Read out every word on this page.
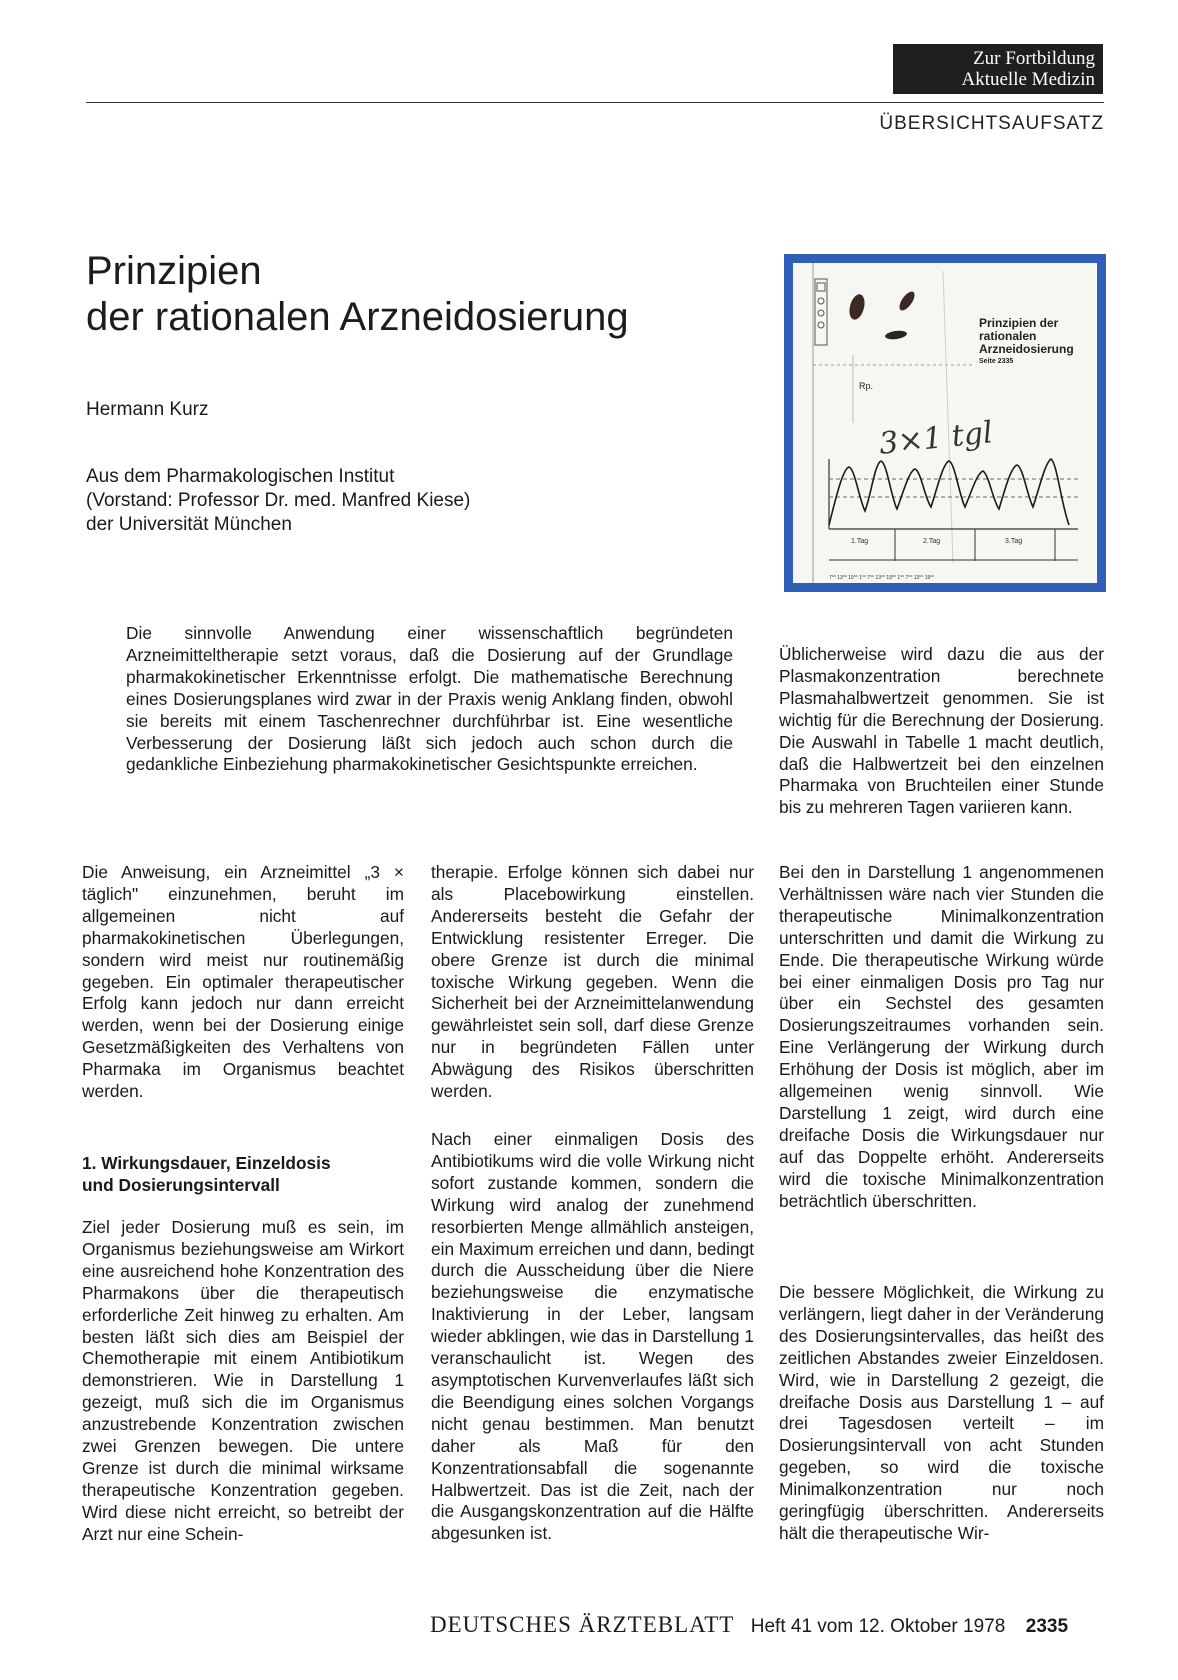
Zur Fortbildung
Aktuelle Medizin
ÜBERSICHTSAUFSATZ
Prinzipien
der rationalen Arzneidosierung
Hermann Kurz
Aus dem Pharmakologischen Institut
(Vorstand: Professor Dr. med. Manfred Kiese)
der Universität München
Prinzipien der
rationalen
Arzneidosierung
Seite 2335
Rp.
3×1 tgl
1.Tag	2.Tag	3.Tag
7⁰⁰ 13⁰⁰ 19⁰⁰ 1⁰⁰ 7⁰⁰ 13⁰⁰ 19⁰⁰ 1⁰⁰ 7⁰⁰ 13⁰⁰ 19⁰⁰

Die sinnvolle Anwendung einer wissenschaftlich begründeten Arzneimitteltherapie setzt voraus, daß die Dosierung auf der Grundlage pharmakokinetischer Erkenntnisse erfolgt. Die mathematische Berechnung eines Dosierungsplanes wird zwar in der Praxis wenig Anklang finden, obwohl sie bereits mit einem Taschenrechner durchführbar ist. Eine wesentliche Verbesserung der Dosierung läßt sich jedoch auch schon durch die gedankliche Einbeziehung pharmakokinetischer Gesichtspunkte erreichen.

Die Anweisung, ein Arzneimittel „3 × täglich" einzunehmen, beruht im allgemeinen nicht auf pharmakokinetischen Überlegungen, sondern wird meist nur routinemäßig gegeben. Ein optimaler therapeutischer Erfolg kann jedoch nur dann erreicht werden, wenn bei der Dosierung einige Gesetzmäßigkeiten des Verhaltens von Pharmaka im Organismus beachtet werden.

1. Wirkungsdauer, Einzeldosis
und Dosierungsintervall

Ziel jeder Dosierung muß es sein, im Organismus beziehungsweise am Wirkort eine ausreichend hohe Konzentration des Pharmakons über die therapeutisch erforderliche Zeit hinweg zu erhalten. Am besten läßt sich dies am Beispiel der Chemotherapie mit einem Antibiotikum demonstrieren. Wie in Darstellung 1 gezeigt, muß sich die im Organismus anzustrebende Konzentration zwischen zwei Grenzen bewegen. Die untere Grenze ist durch die minimal wirksame therapeutische Konzentration gegeben. Wird diese nicht erreicht, so betreibt der Arzt nur eine Schein-

therapie. Erfolge können sich dabei nur als Placebowirkung einstellen. Andererseits besteht die Gefahr der Entwicklung resistenter Erreger. Die obere Grenze ist durch die minimal toxische Wirkung gegeben. Wenn die Sicherheit bei der Arzneimittelanwendung gewährleistet sein soll, darf diese Grenze nur in begründeten Fällen unter Abwägung des Risikos überschritten werden.

Nach einer einmaligen Dosis des Antibiotikums wird die volle Wirkung nicht sofort zustande kommen, sondern die Wirkung wird analog der zunehmend resorbierten Menge allmählich ansteigen, ein Maximum erreichen und dann, bedingt durch die Ausscheidung über die Niere beziehungsweise die enzymatische Inaktivierung in der Leber, langsam wieder abklingen, wie das in Darstellung 1 veranschaulicht ist. Wegen des asymptotischen Kurvenverlaufes läßt sich die Beendigung eines solchen Vorgangs nicht genau bestimmen. Man benutzt daher als Maß für den Konzentrationsabfall die sogenannte Halbwertzeit. Das ist die Zeit, nach der die Ausgangskonzentration auf die Hälfte abgesunken ist.

Üblicherweise wird dazu die aus der Plasmakonzentration berechnete Plasmahalbwertzeit genommen. Sie ist wichtig für die Berechnung der Dosierung. Die Auswahl in Tabelle 1 macht deutlich, daß die Halbwertzeit bei den einzelnen Pharmaka von Bruchteilen einer Stunde bis zu mehreren Tagen variieren kann.

Bei den in Darstellung 1 angenommenen Verhältnissen wäre nach vier Stunden die therapeutische Minimalkonzentration unterschritten und damit die Wirkung zu Ende. Die therapeutische Wirkung würde bei einer einmaligen Dosis pro Tag nur über ein Sechstel des gesamten Dosierungszeitraumes vorhanden sein. Eine Verlängerung der Wirkung durch Erhöhung der Dosis ist möglich, aber im allgemeinen wenig sinnvoll. Wie Darstellung 1 zeigt, wird durch eine dreifache Dosis die Wirkungsdauer nur auf das Doppelte erhöht. Andererseits wird die toxische Minimalkonzentration beträchtlich überschritten.

Die bessere Möglichkeit, die Wirkung zu verlängern, liegt daher in der Veränderung des Dosierungsintervalles, das heißt des zeitlichen Abstandes zweier Einzeldosen. Wird, wie in Darstellung 2 gezeigt, die dreifache Dosis aus Darstellung 1 – auf drei Tagesdosen verteilt – im Dosierungsintervall von acht Stunden gegeben, so wird die toxische Minimalkonzentration nur noch geringfügig überschritten. Andererseits hält die therapeutische Wir-

DEUTSCHES ÄRZTEBLATT Heft 41 vom 12. Oktober 1978 2335
